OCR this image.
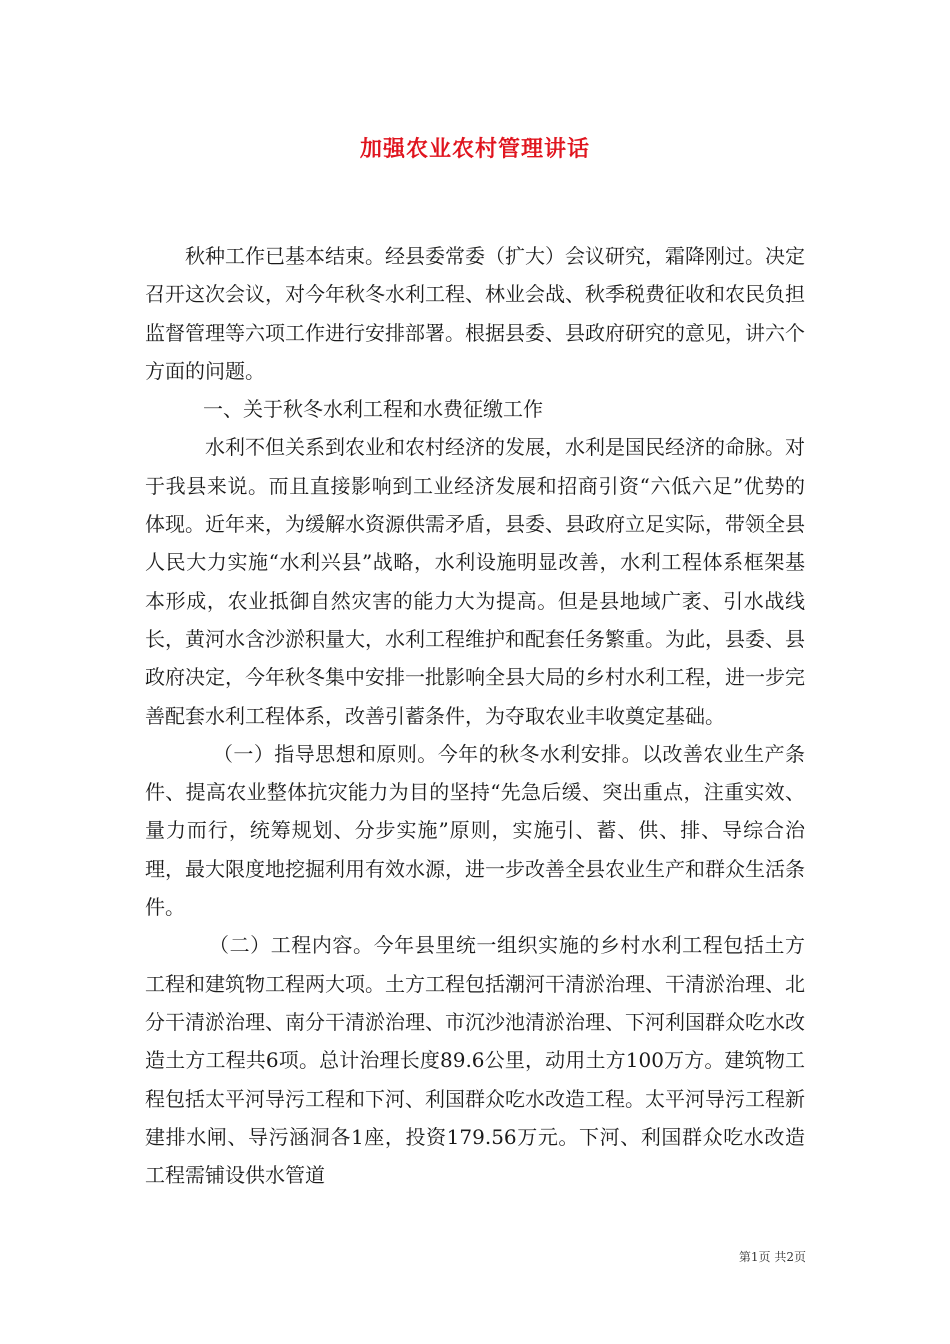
加强农业农村管理讲话

秋种工作已基本结束。经县委常委（扩大）会议研究，霜降刚过。决定召开这次会议，对今年秋冬水利工程、林业会战、秋季税费征收和农民负担监督管理等六项工作进行安排部署。根据县委、县政府研究的意见，讲六个方面的问题。

一、关于秋冬水利工程和水费征缴工作

水利不但关系到农业和农村经济的发展，水利是国民经济的命脉。对于我县来说。而且直接影响到工业经济发展和招商引资“六低六足”优势的体现。近年来，为缓解水资源供需矛盾，县委、县政府立足实际，带领全县人民大力实施“水利兴县”战略，水利设施明显改善，水利工程体系框架基本形成，农业抵御自然灾害的能力大为提高。但是县地域广袤、引水战线长，黄河水含沙淤积量大，水利工程维护和配套任务繁重。为此，县委、县政府决定，今年秋冬集中安排一批影响全县大局的乡村水利工程，进一步完善配套水利工程体系，改善引蓄条件，为夺取农业丰收奠定基础。

（一）指导思想和原则。今年的秋冬水利安排。以改善农业生产条件、提高农业整体抗灾能力为目的坚持“先急后缓、突出重点，注重实效、量力而行，统筹规划、分步实施”原则，实施引、蓄、供、排、导综合治理，最大限度地挖掘利用有效水源，进一步改善全县农业生产和群众生活条件。

（二）工程内容。今年县里统一组织实施的乡村水利工程包括土方工程和建筑物工程两大项。土方工程包括潮河干清淤治理、干清淤治理、北分干清淤治理、南分干清淤治理、市沉沙池清淤治理、下河利国群众吃水改造土方工程共6项。总计治理长度89.6公里，动用土方100万方。建筑物工程包括太平河导污工程和下河、利国群众吃水改造工程。太平河导污工程新建排水闸、导污涵洞各1座，投资179.56万元。下河、利国群众吃水改造工程需铺设供水管道

第1页 共2页
